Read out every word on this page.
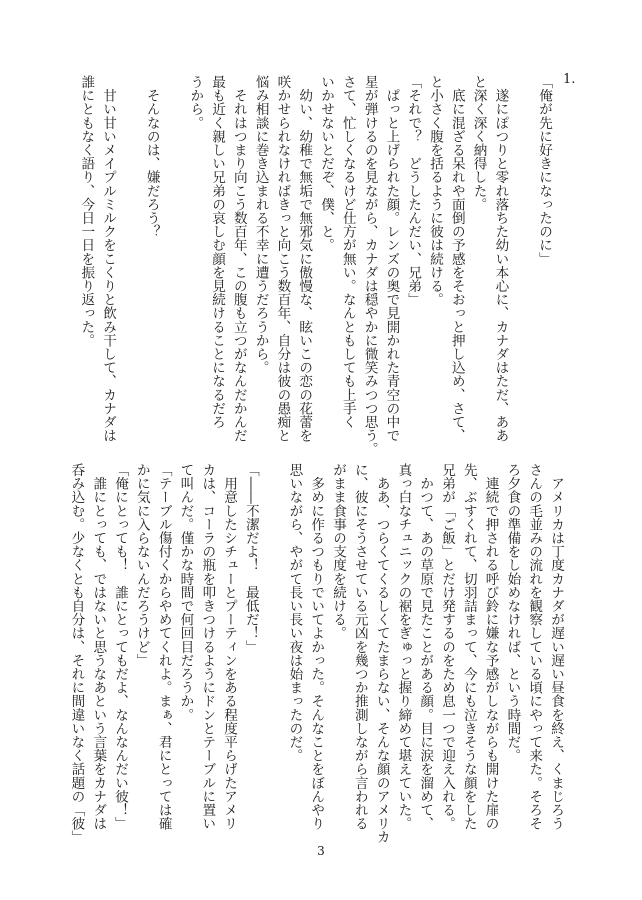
1.
「俺が先に好きになったのに」
　遂にぽつりと零れ落ちた幼い本心に、カナダはただ、ああ
と深く深く納得した。
　底に混ざる呆れや面倒の予感をそおっと押し込め、さて、
と小さく腹を括るように彼は続ける。
「それで？　どうしたんだい、兄弟」
　ぱっと上げられた顔。レンズの奥で見開かれた青空の中で
星が弾けるのを見ながら、カナダは穏やかに微笑みつつ思う。
さて、忙しくなるけど仕方が無い。なんともしても上手く
いかせないとだぞ、僕、と。
　幼い、幼稚で無垢で無邪気に傲慢な、眩いこの恋の花蕾を
咲かせられなければきっと向こう数百年、自分は彼の愚痴と
悩み相談に巻き込まれる不幸に遭うだろうから。
　それはつまり向こう数百年、この腹も立つがなんだかんだ
最も近く親しい兄弟の哀しむ顔を見続けることになるだろ
うから。
　そんなのは、嫌だろう？
　甘い甘いメイプルミルクをこくりと飲み干して、カナダは
誰にともなく語り、今日一日を振り返った。
　アメリカは丁度カナダが遅い遅い昼食を終え、くまじろう
さんの毛並みの流れを観察している頃にやって来た。そろそ
ろ夕食の準備をし始めなければ、という時間だ。
　連続で押される呼び鈴に嫌な予感がしながらも開けた扉の
先、ぶすくれて、切羽詰まって、今にも泣きそうな顔をした
兄弟が「ご飯」とだけ発するのをため息一つで迎え入れる。
　かつて、あの草原で見たことがある顔。目に涙を溜めて、
真っ白なチュニックの裾をぎゅっと握り締めて堪えていた。
　ああ、つらくてくるしくてたまらない、そんな顔のアメリカ
に、彼にそうさせている元凶を幾つか推測しながら言われる
がまま食事の支度を続ける。
　多めに作るつもりでいてよかった。そんなことをぼんやり
思いながら、やがて長い長い夜は始まったのだ。
「――不潔だよ！　最低だ！」
　用意したシチューとプーティンをある程度平らげたアメリ
カは、コーラの瓶を叩きつけるようにドンとテーブルに置い
て叫んだ。僅かな時間で何回目だろうか。
「テーブル傷付くからやめてくれよ。まぁ、君にとっては確
かに気に入らないんだろうけど」
「俺にとっても！　誰にとってもだよ、なんなんだい彼！」
　誰にとっても、ではないと思うなあという言葉をカナダは
呑み込む。少なくとも自分は、それに間違いなく話題の「彼」
3
